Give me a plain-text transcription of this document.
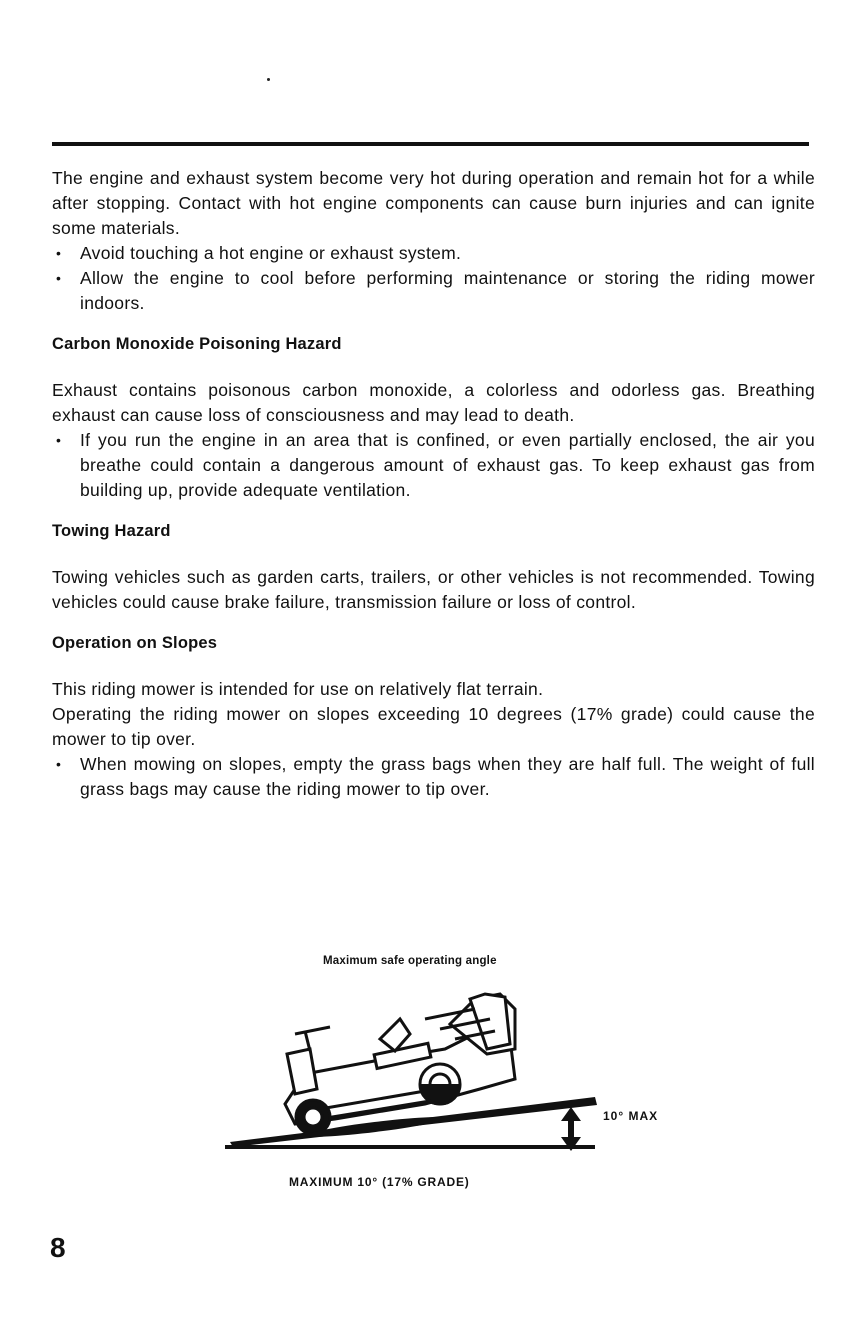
The engine and exhaust system become very hot during operation and remain hot for a while after stopping. Contact with hot engine components can cause burn injuries and can ignite some materials.

• Avoid touching a hot engine or exhaust system.
• Allow the engine to cool before performing maintenance or storing the riding mower indoors.
Carbon Monoxide Poisoning Hazard

Exhaust contains poisonous carbon monoxide, a colorless and odorless gas. Breathing exhaust can cause loss of consciousness and may lead to death.

• If you run the engine in an area that is confined, or even partially enclosed, the air you breathe could contain a dangerous amount of exhaust gas. To keep exhaust gas from building up, provide adequate ventilation.
Towing Hazard

Towing vehicles such as garden carts, trailers, or other vehicles is not recommended. Towing vehicles could cause brake failure, transmission failure or loss of control.

Operation on Slopes

This riding mower is intended for use on relatively flat terrain.

Operating the riding mower on slopes exceeding 10 degrees (17% grade) could cause the mower to tip over.

• When mowing on slopes, empty the grass bags when they are half full. The weight of full grass bags may cause the riding mower to tip over.
Maximum safe operating angle
10° MAX
MAXIMUM 10° (17% GRADE)
8
